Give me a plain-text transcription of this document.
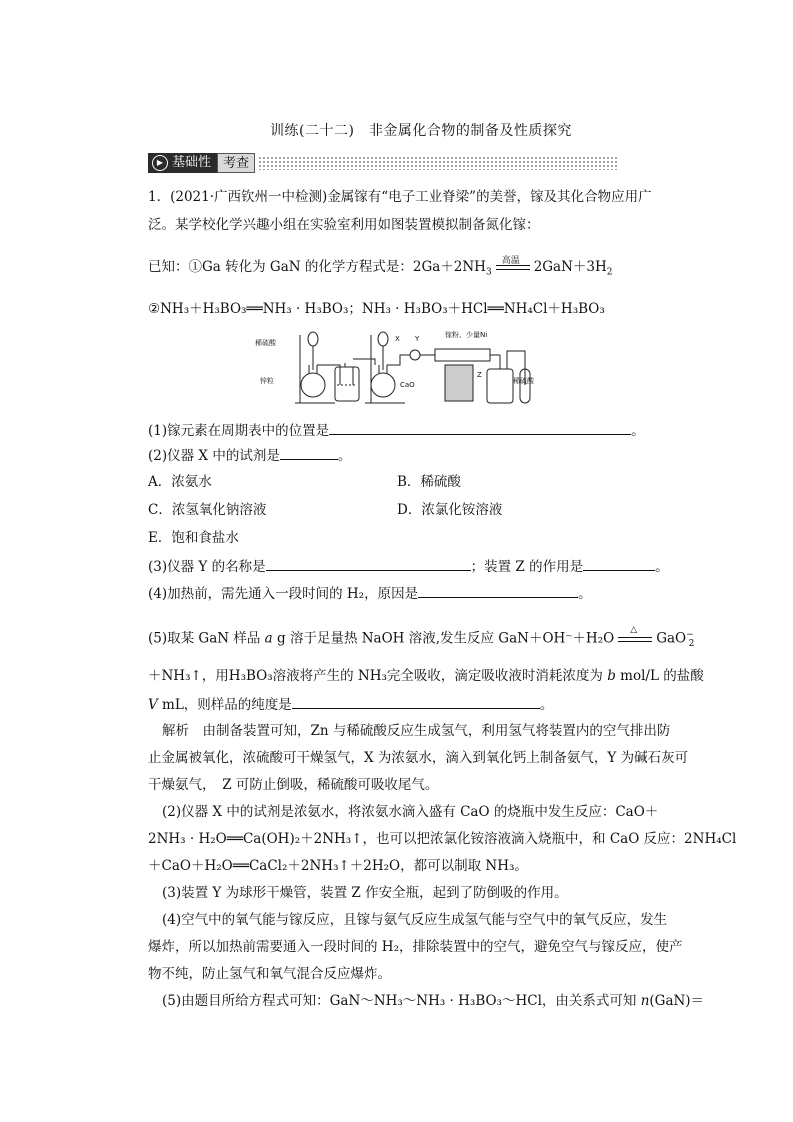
训练(二十二)　非金属化合物的制备及性质探究
▶ 基础性 考查
1．(2021·广西钦州一中检测)金属镓有“电子工业脊梁”的美誉，镓及其化合物应用广
泛。某学校化学兴趣小组在实验室利用如图装置模拟制备氮化镓：
已知：①Ga 转化为 GaN 的化学方程式是：$2Ga+2NH_3$
高温 $2GaN+3H_2$
②NH₃＋H₃BO₃══NH₃ · H₃BO₃；NH₃ · H₃BO₃＋HCl══NH₄Cl＋H₃BO₃
稀硫酸
锌粒
X Y
CaO
镓粉、少量Ni
Z
稀硫酸
(1)镓元素在周期表中的位置是	。
(2)仪器 X 中的试剂是	。
A．浓氨水	B．稀硫酸
C．浓氢氧化钠溶液	D．浓氯化铵溶液
E．饱和食盐水
(3)仪器 Y 的名称是	；装置 Z 的作用是	。
(4)加热前，需先通入一段时间的 H₂，原因是	。
(5)取某 GaN 样品 a g 溶于足量热 NaOH 溶液,发生反应 GaN＋OH⁻＋H₂O
△
GaO−$_2$
＋NH₃↑，用H₃BO₃溶液将产生的 NH₃完全吸收，滴定吸收液时消耗浓度为 b mol/L 的盐酸
V mL，则样品的纯度是	。
解析　由制备装置可知，Zn 与稀硫酸反应生成氢气，利用氢气将装置内的空气排出防
止金属被氧化，浓硫酸可干燥氢气，X 为浓氨水，滴入到氧化钙上制备氨气，Y 为碱石灰可
干燥氨气，　Z 可防止倒吸，稀硫酸可吸收尾气。
(2)仪器 X 中的试剂是浓氨水，将浓氨水滴入盛有 CaO 的烧瓶中发生反应：CaO＋
2NH₃ · H₂O══Ca(OH)₂＋2NH₃↑，也可以把浓氯化铵溶液滴入烧瓶中，和 CaO 反应：2NH₄Cl
＋CaO＋H₂O══CaCl₂＋2NH₃↑＋2H₂O，都可以制取 NH₃。
(3)装置 Y 为球形干燥管，装置 Z 作安全瓶，起到了防倒吸的作用。
(4)空气中的氧气能与镓反应，且镓与氨气反应生成氢气能与空气中的氧气反应，发生
爆炸，所以加热前需要通入一段时间的 H₂，排除装置中的空气，避免空气与镓反应，使产
物不纯，防止氢气和氧气混合反应爆炸。
(5)由题目所给方程式可知：GaN～NH₃～NH₃ · H₃BO₃～HCl，由关系式可知 n(GaN)＝
